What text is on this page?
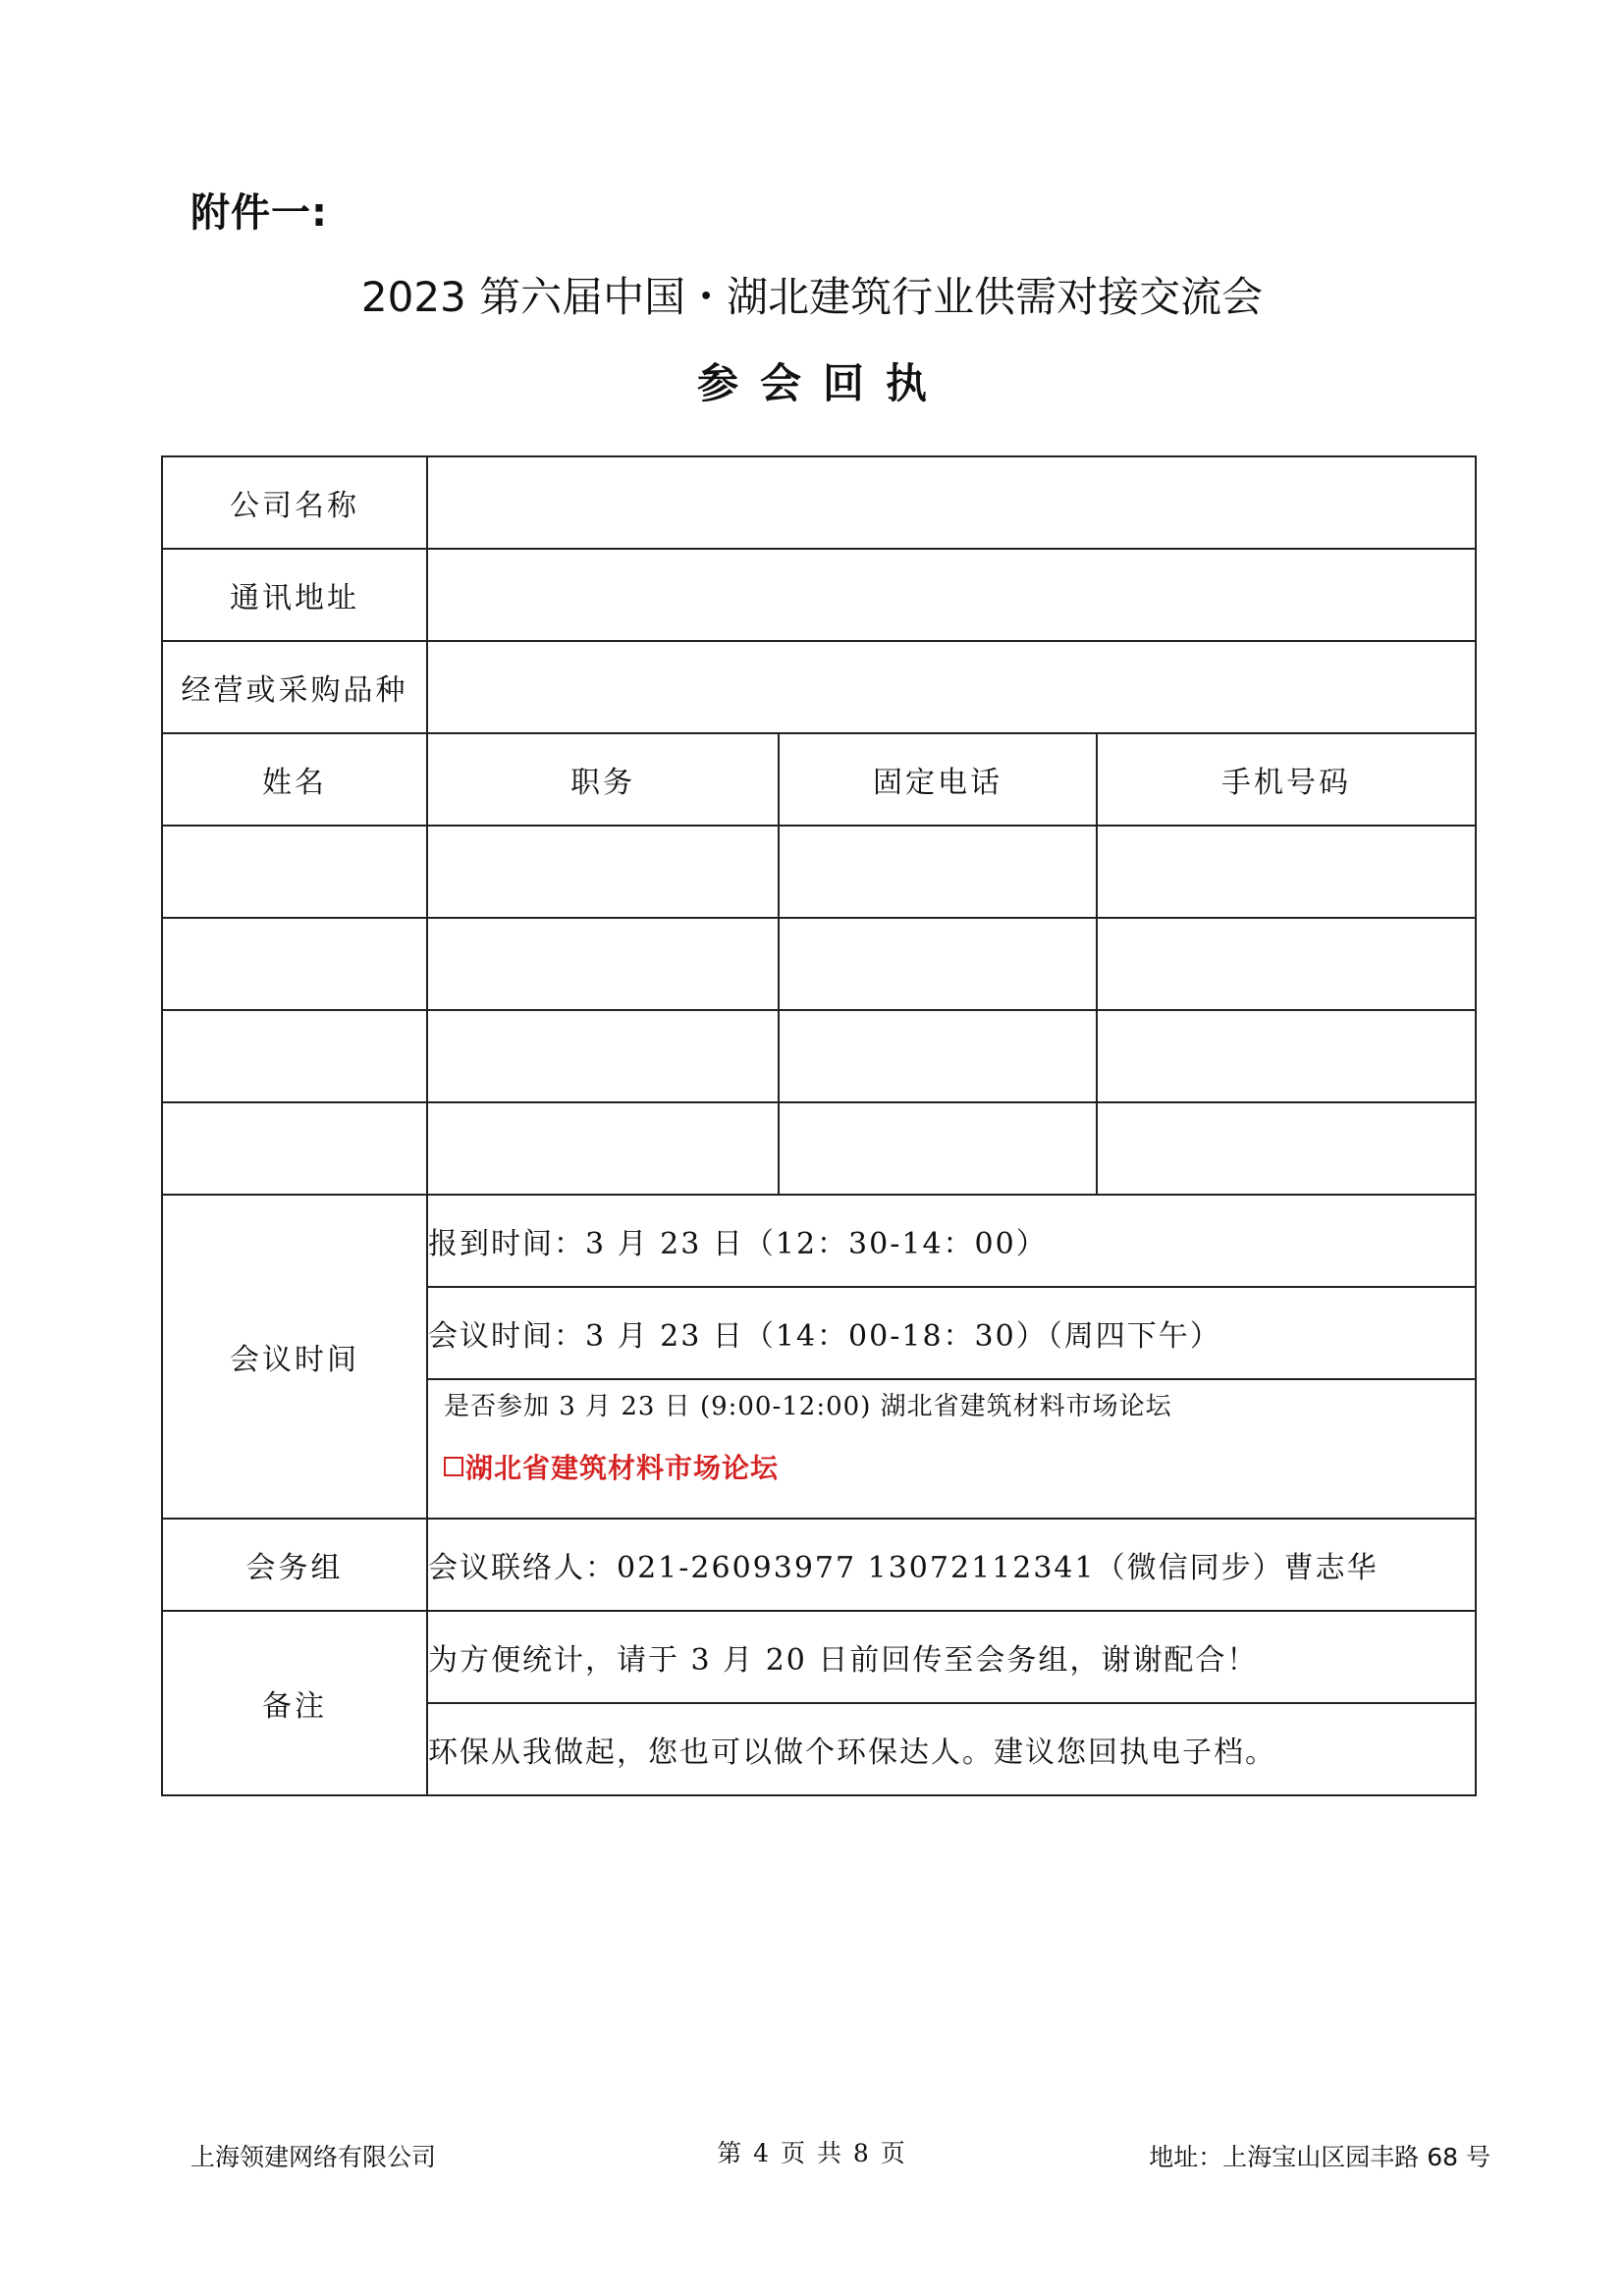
附件一:
2023 第六届中国・湖北建筑行业供需对接交流会
参会回执
公司名称			
通讯地址			
经营或采购品种			
姓名	职务	固定电话	手机号码

会议时间	报到时间：3 月 23 日（12：30-14：00）		
	会议时间：3 月 23 日（14：00-18：30）（周四下午）		

	是否参加 3 月 23 日 (9:00-12:00) 湖北省建筑材料市场论坛
湖北省建筑材料市场论坛		

会务组	会议联络人：021-26093977 13072112341（微信同步）曹志华		
备注	为方便统计，请于 3 月 20 日前回传至会务组，谢谢配合！		
	环保从我做起，您也可以做个环保达人。建议您回执电子档。		
上海领建网络有限公司	第 4 页 共 8 页	地址：上海宝山区园丰路 68 号
